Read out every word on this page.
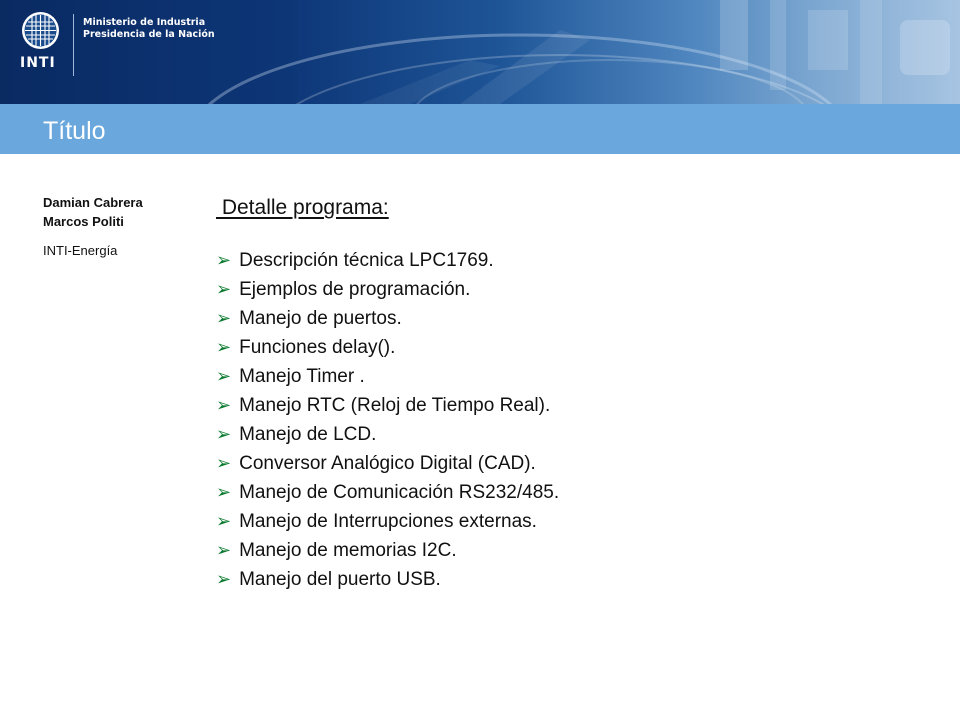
INTI
Ministerio de Industria
Presidencia de la Nación
Título
Damian Cabrera
Marcos Politi
INTI-Energía
Detalle programa:
➢ Descripción técnica LPC1769.
➢ Ejemplos de programación.
➢ Manejo de puertos.
➢ Funciones delay().
➢ Manejo Timer .
➢ Manejo RTC (Reloj de Tiempo Real).
➢ Manejo de LCD.
➢ Conversor Analógico Digital (CAD).
➢ Manejo de Comunicación RS232/485.
➢ Manejo de Interrupciones externas.
➢ Manejo de memorias I2C.
➢ Manejo del puerto USB.
